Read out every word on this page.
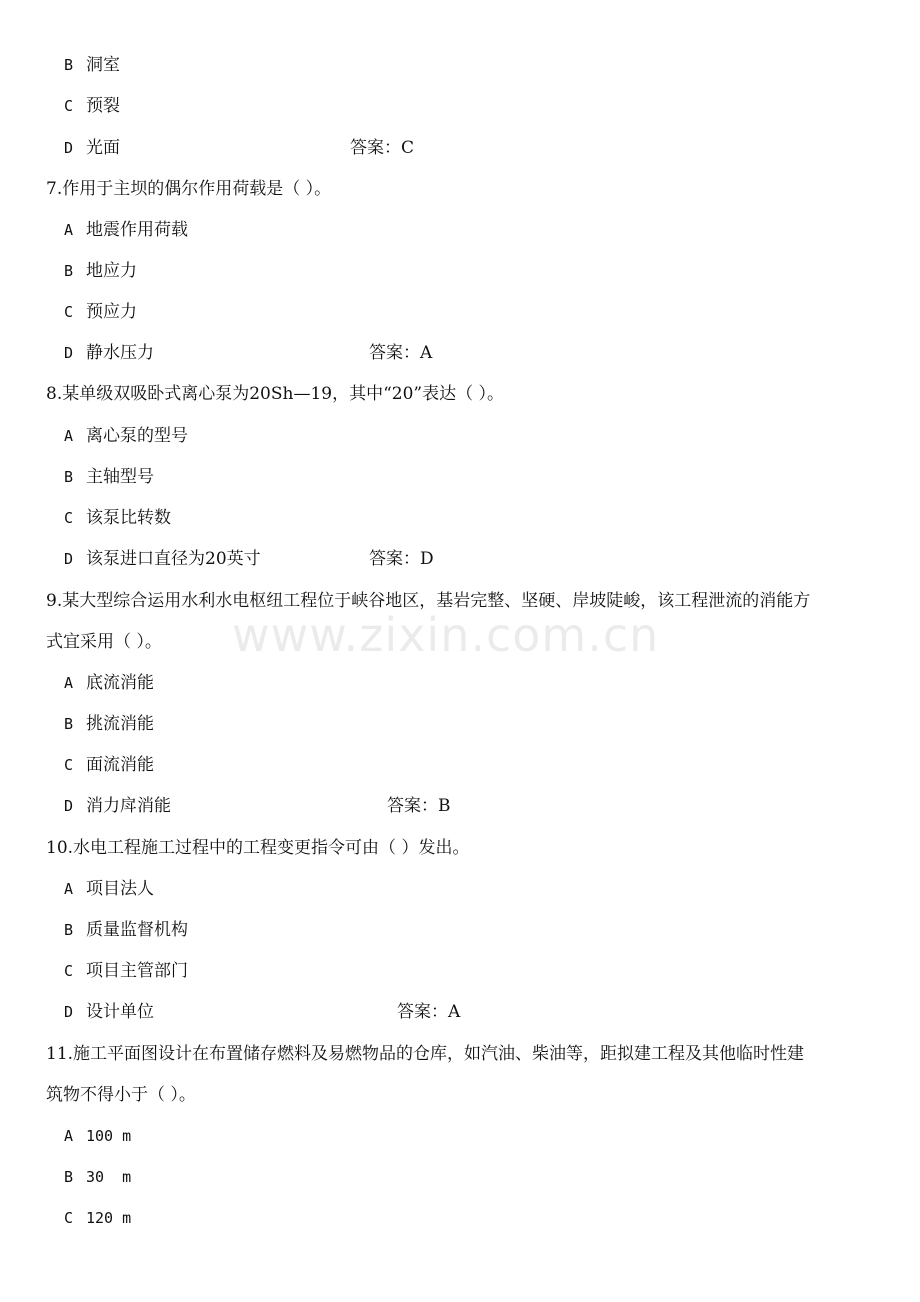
www.zixin.com.cn
B 洞室
C 预裂
D 光面	答案：C
7.作用于主坝的偶尔作用荷载是（ ）。
A 地震作用荷载
B 地应力
C 预应力
D 静水压力	答案：A
8.某单级双吸卧式离心泵为20Sh—19，其中“20”表达（ ）。
A 离心泵的型号
B 主轴型号
C 该泵比转数
D 该泵进口直径为20英寸	答案：D
9.某大型综合运用水利水电枢纽工程位于峡谷地区，基岩完整、坚硬、岸坡陡峻，该工程泄流的消能方
式宜采用（ ）。
A 底流消能
B 挑流消能
C 面流消能
D 消力戽消能	答案：B
10.水电工程施工过程中的工程变更指令可由（ ）发出。
A 项目法人
B 质量监督机构
C 项目主管部门
D 设计单位	答案：A
11.施工平面图设计在布置储存燃料及易燃物品的仓库，如汽油、柴油等，距拟建工程及其他临时性建
筑物不得小于（ ）。
A 100 m
B 30  m
C 120 m
